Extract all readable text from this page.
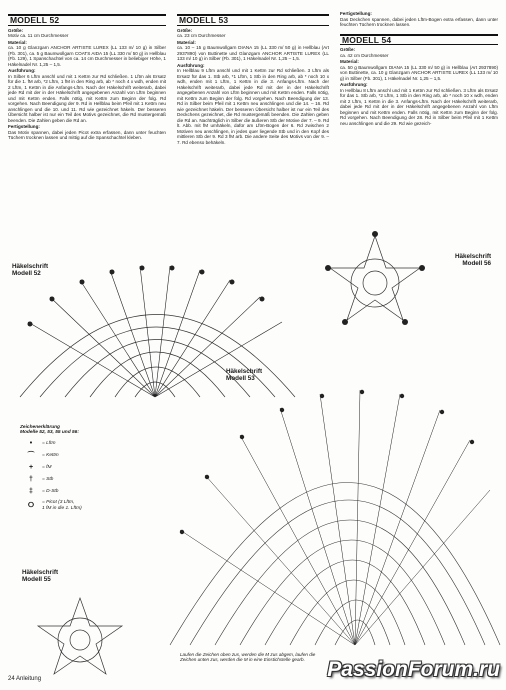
MODELL 52
Größe:
Motiv ca. 11 cm Durchmesser
Material:
ca. 10 g Glanzgarn ANCHOR ARTISTE LUREX (LL 133 m/ 10 g) in Silber (Fb. 301), ca. 5 g Baumwollgarn COATS AIDA 15 (LL 330 m/ 50 g) in Hellblau (Fb. 129), 1 Spanschachtel von ca. 14 cm Durchmesser in beliebiger Höhe, 1 Häkelnadel Nr. 1,25 – 1,5.
Ausführung:
In Silber 6 Lftm anschl und mit 1 Kettm zur Rd schließen. 1 Lftm als Ersatz für die 1. fM arb, *2 Lftm, 1 fM in den Ring arb, ab * noch 4 x wdh, enden mit 2 Lftm, 1 Kettm in die Anfangs-Lftm. Nach der Häkelschrift weiterarb, dabei jede Rd mit der in der Häkelschrift angegebenen Anzahl von Lftm beginnen und mit Kettm enden. Falls nötig, mit Kettm zum Beginn der folg. Rd vorgehen. Nach Beendigung der 9. Rd in Hellblau beim Pfeil mit 1 Kettm neu anschlingen und die 10. und 11. Rd wie gezeichnet häkeln. Der besseren Übersicht halber ist nur ein Teil des Motivs gezeichnet, die Rd mustergemäß beenden. Die Zahlen geben die Rd an.
Fertigstellung:
Das Motiv spannen, dabei jeden Picot extra erfassen, dann unter feuchten Tüchern trocknen lassen und mittig auf die Spanschachtel kleben.
MODELL 53
Größe:
ca. 23 cm Durchmesser
Material:
ca. 10 – 15 g Baumwollgarn DIANA 15 (LL 330 m/ 50 g) in Hellblau (Art 2937890) von Buttinette und Glanzgarn ANCHOR ARTISTE LUREX (LL 133 m/ 10 g) in Silber (Fb. 301), 1 Häkelnadel Nr. 1,25 – 1,5.
Ausführung:
In Hellblau 9 Lftm anschl und mit 1 Kettm zur Rd schließen. 3 Lftm als Ersatz für das 1. Stb arb, *1 Lftm, 1 Stb in den Ring arb, ab * noch 10 x wdh, enden mit 1 Lftm, 1 Kettm in die 3. Anfangs-Lftm. Nach der Häkelschrift weiterarb, dabei jede Rd mit der in der Häkelschrift angegebenen Anzahl von Lftm beginnen und mit Kettm enden. Falls nötig, mit Kettm zum Beginn der folg. Rd vorgehen. Nach Beendigung der 13. Rd in Silber beim Pfeil mit 1 Kettm neu anschlingen und die 14. – 16. Rd wie gezeichnet häkeln. Der besseren Übersicht halber ist nur ein Teil des Deckchens gezeichnet, die Rd mustergemäß beenden. Die Zahlen geben die Rd an. Nachträglich in Silber die äußeren Stb der Motive der 7. – 9. Rd lt. Abb. mit fM umhäkeln, dafür am Lftm-Bogen der 6. Rd zwischen 2 Motiven neu anschlingen, in jedes quer liegende Stb und in den Kopf des mittleren Stb der 9. Rd 3 fM arb. Die andere Seite des Motivs von der 9. – 7. Rd ebenso behäkeln.
Fertigstellung:
Das Deckchen spannen, dabei jeden Lftm-Bogen extra erfassen, dann unter feuchten Tüchern trocknen lassen.
MODELL 54
Größe:
ca. 42 cm Durchmesser
Material:
ca. 50 g Baumwollgarn DIANA 15 (LL 330 m/ 50 g) in Hellblau (Art 2937890) von Buttinette, ca. 10 g Glanzgarn ANCHOR ARTISTE LUREX (LL 133 m/ 10 g) in Silber (Fb. 301), 1 Häkelnadel Nr. 1,25 – 1,5.
Ausführung:
In Hellblau 8 Lftm anschl und mit 1 Kettm zur Rd schließen. 3 Lftm als Ersatz für das 1. Stb arb, *2 Lftm, 1 Stb in den Ring arb, ab * noch 10 x wdh, enden mit 2 Lftm, 1 Kettm in die 3. Anfangs-Lftm. Nach der Häkelschrift weiterarb, dabei jede Rd mit der in der Häkelschrift angegebenen Anzahl von Lftm beginnen und mit Kettm enden. Falls nötig, mit Kettm zum Beginn der folg. Rd vorgehen. Nach Beendigung der 28. Rd in Silber beim Pfeil mit 1 Kettm neu anschlingen und die 29. Rd wie gezeich-
Häkelschrift
Modell 52
Häkelschrift
Modell 53
Häkelschrift
Modell 55
Häkelschrift
Modell 56
Zeichenerklärung
Modelle 52, 53, 55 und 56:
•	= Lftm
⌒	= Kettm
+	= fM
†	= Stb
‡	= D-Stb
ⵔ	= Picot (3 Lftm,
1 fM in die 1. Lftm)
Laufen die Zeichen oben zus, werden die M zus abgem, laufen die Zeichen unten zus, werden die M in eine Einstichstelle gearb.
24 Anleitung	PassionForum.ru
